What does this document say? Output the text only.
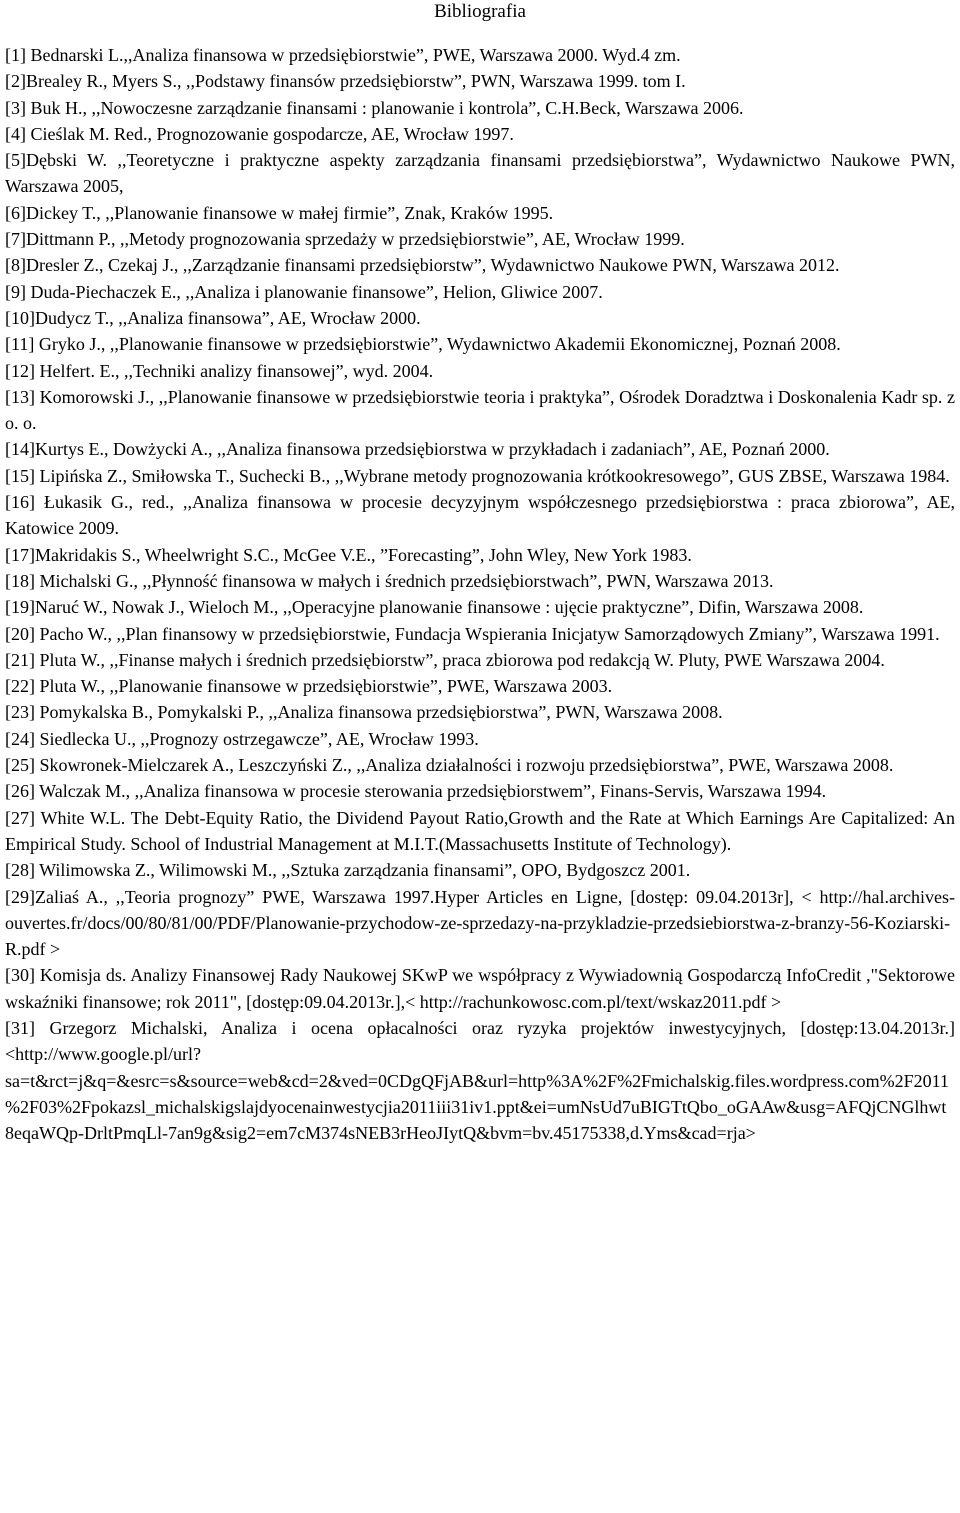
Bibliografia
[1] Bednarski L.,,Analiza finansowa w przedsiębiorstwie”, PWE, Warszawa 2000. Wyd.4 zm.
[2]Brealey R., Myers S., ,,Podstawy finansów przedsiębiorstw”, PWN, Warszawa 1999. tom I.
[3] Buk H., ,,Nowoczesne zarządzanie finansami : planowanie i kontrola”, C.H.Beck, Warszawa 2006.
[4] Cieślak M. Red., Prognozowanie gospodarcze, AE, Wrocław 1997.
[5]Dębski W. ,,Teoretyczne i praktyczne aspekty zarządzania finansami przedsiębiorstwa”, Wydawnictwo Naukowe PWN, Warszawa 2005,
[6]Dickey T., ,,Planowanie finansowe w małej firmie”, Znak, Kraków 1995.
[7]Dittmann P., ,,Metody prognozowania sprzedaży w przedsiębiorstwie”, AE, Wrocław 1999.
[8]Dresler Z., Czekaj J., ,,Zarządzanie finansami przedsiębiorstw”, Wydawnictwo Naukowe PWN, Warszawa 2012.
[9] Duda-Piechaczek E., ,,Analiza i planowanie finansowe”, Helion, Gliwice 2007.
[10]Dudycz T., ,,Analiza finansowa”, AE, Wrocław 2000.
[11] Gryko J., ,,Planowanie finansowe w przedsiębiorstwie”, Wydawnictwo Akademii Ekonomicznej, Poznań 2008.
[12] Helfert. E., ,,Techniki analizy finansowej”, wyd. 2004.
[13] Komorowski J., ,,Planowanie finansowe w przedsiębiorstwie teoria i praktyka”, Ośrodek Doradztwa i Doskonalenia Kadr sp. z o. o.
[14]Kurtys E., Dowżycki A., ,,Analiza finansowa przedsiębiorstwa w przykładach i zadaniach”, AE, Poznań 2000.
[15] Lipińska Z., Smiłowska T., Suchecki B., ,,Wybrane metody prognozowania krótkookresowego”, GUS ZBSE, Warszawa 1984.
[16] Łukasik G., red., ,,Analiza finansowa w procesie decyzyjnym współczesnego przedsiębiorstwa : praca zbiorowa”, AE, Katowice 2009.
[17]Makridakis S., Wheelwright S.C., McGee V.E., ”Forecasting”, John Wley, New York 1983.
[18] Michalski G., ,,Płynność finansowa w małych i średnich przedsiębiorstwach”, PWN, Warszawa 2013.
[19]Naruć W., Nowak J., Wieloch M., ,,Operacyjne planowanie finansowe : ujęcie praktyczne”, Difin, Warszawa 2008.
[20] Pacho W., ,,Plan finansowy w przedsiębiorstwie, Fundacja Wspierania Inicjatyw Samorządowych Zmiany”, Warszawa 1991.
[21] Pluta W., ,,Finanse małych i średnich przedsiębiorstw”, praca zbiorowa pod redakcją W. Pluty, PWE Warszawa 2004.
[22] Pluta W., ,,Planowanie finansowe w przedsiębiorstwie”, PWE, Warszawa 2003.
[23] Pomykalska B., Pomykalski P., ,,Analiza finansowa przedsiębiorstwa”, PWN, Warszawa 2008.
[24] Siedlecka U., ,,Prognozy ostrzegawcze”, AE, Wrocław 1993.
[25] Skowronek-Mielczarek A., Leszczyński Z., ,,Analiza działalności i rozwoju przedsiębiorstwa”, PWE, Warszawa 2008.
[26] Walczak M., ,,Analiza finansowa w procesie sterowania przedsiębiorstwem”, Finans-Servis, Warszawa 1994.
[27] White W.L. The Debt-Equity Ratio, the Dividend Payout Ratio,Growth and the Rate at Which Earnings Are Capitalized: An Empirical Study. School of Industrial Management at M.I.T.(Massachusetts Institute of Technology).
[28] Wilimowska Z., Wilimowski M., ,,Sztuka zarządzania finansami”, OPO, Bydgoszcz 2001.
[29]Zaliaś A., ,,Teoria prognozy” PWE, Warszawa 1997.Hyper Articles en Ligne, [dostęp: 09.04.2013r], < http://hal.archives-ouvertes.fr/docs/00/80/81/00/PDF/Planowanie-przychodow-ze-sprzedazy-na-przykladzie-przedsiebiorstwa-z-branzy-56-Koziarski-R.pdf >
[30] Komisja ds. Analizy Finansowej Rady Naukowej SKwP we współpracy z Wywiadownią Gospodarczą InfoCredit ,"Sektorowe wskaźniki finansowe; rok 2011", [dostęp:09.04.2013r.],< http://rachunkowosc.com.pl/text/wskaz2011.pdf >
[31] Grzegorz Michalski, Analiza i ocena opłacalności oraz ryzyka projektów inwestycyjnych, [dostęp:13.04.2013r.]<http://www.google.pl/url?sa=t&rct=j&q=&esrc=s&source=web&cd=2&ved=0CDgQFjAB&url=http%3A%2F%2Fmichalskig.files.wordpress.com%2F2011%2F03%2Fpokazsl_michalskigslajdyocenainwestycjia2011iii31iv1.ppt&ei=umNsUd7uBIGTtQbo_oGAAw&usg=AFQjCNGlhwt8eqaWQp-DrltPmqLl-7an9g&sig2=em7cM374sNEB3rHeoJIytQ&bvm=bv.45175338,d.Yms&cad=rja>
